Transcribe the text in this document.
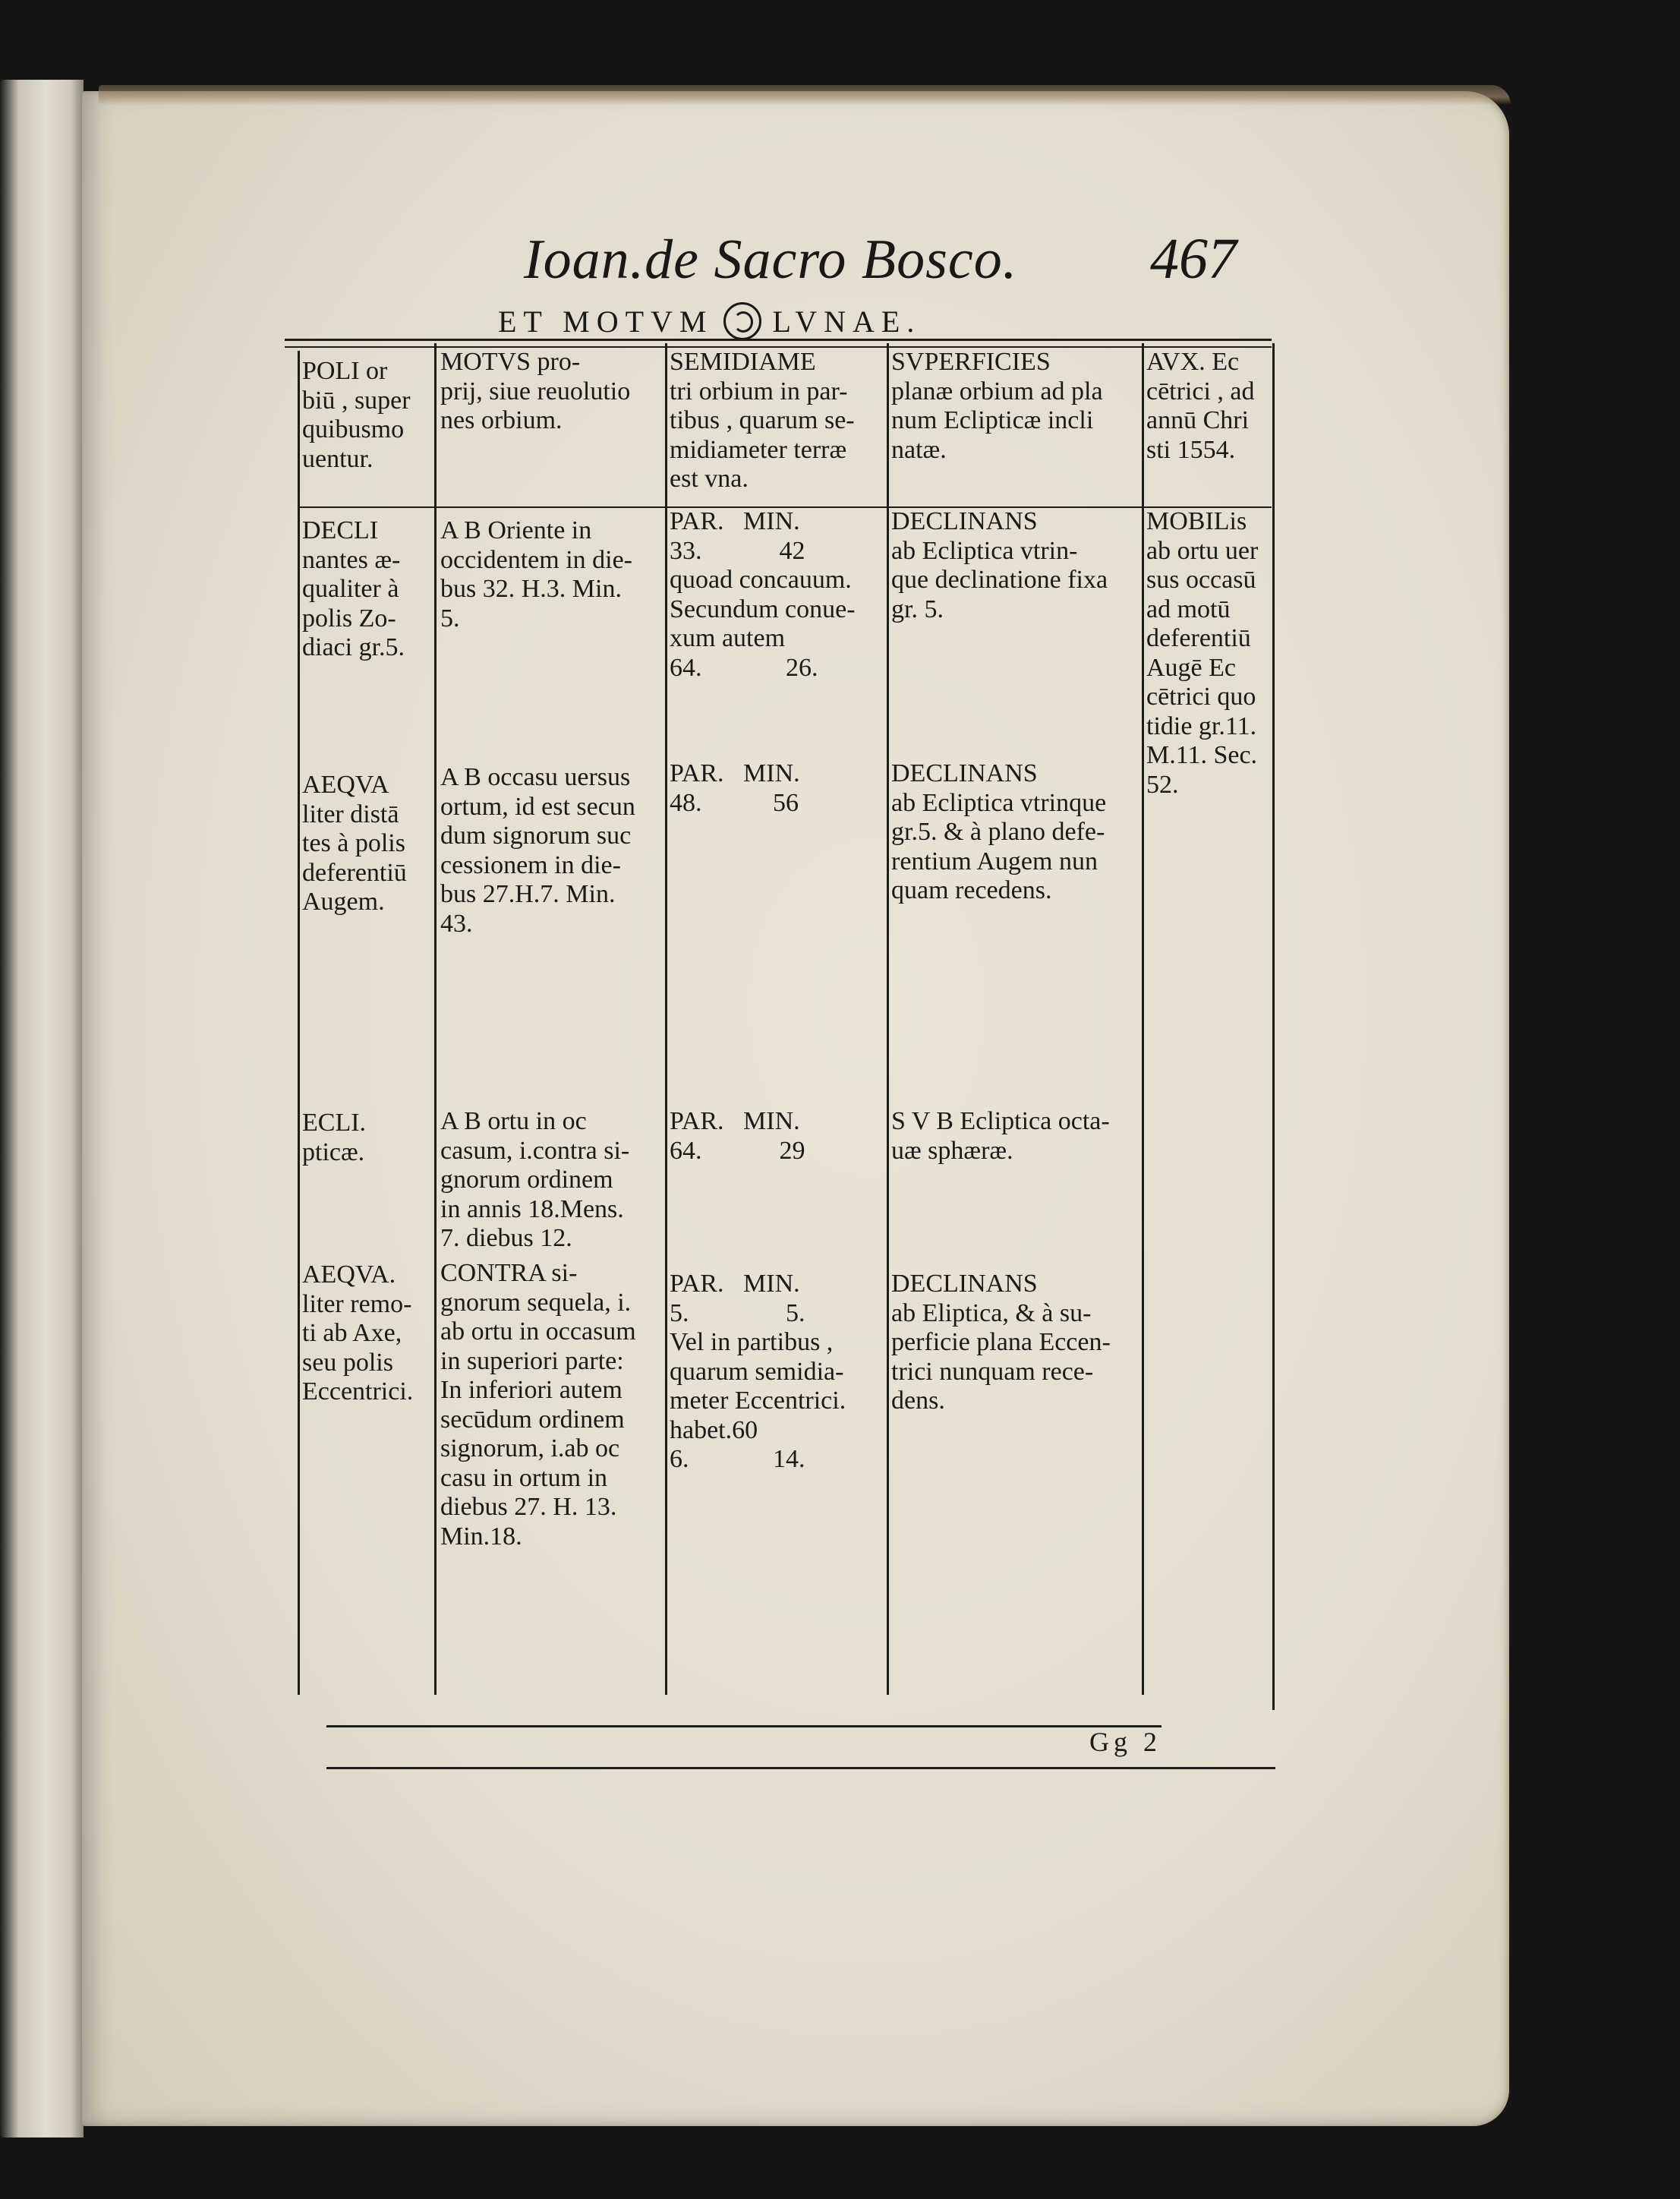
Ioan.de Sacro Bosco. 467
ET MOTVM LVNAE.
POLI or
biū , super
quibusmo
uentur.
MOTVS pro-
prij, siue reuolutio
nes orbium.
SEMIDIAME
tri orbium in par-
tibus , quarum se-
midiameter terræ
est vna.
SVPERFICIES
planæ orbium ad pla
num Eclipticæ incli
natæ.
AVX. Ec
cētrici , ad
annū Chri
sti 1554.
DECLI
nantes æ-
qualiter à
polis Zo-
diaci gr.5.
A B Oriente in
occidentem in die-
bus 32. H.3. Min.
5.
PAR.   MIN.
33.            42
quoad concauum.
Secundum conue-
xum autem
64.             26.
DECLINANS
ab Ecliptica vtrin-
que declinatione fixa
gr. 5.
MOBILis
ab ortu uer
sus occasū
ad motū
deferentiū
Augē Ec
cētrici quo
tidie gr.11.
M.11. Sec.
52.
AEQVA
liter distā
tes à polis
deferentiū
Augem.
A B occasu uersus
ortum, id est secun
dum signorum suc
cessionem in die-
bus 27.H.7. Min.
43.
PAR.   MIN.
48.           56
DECLINANS
ab Ecliptica vtrinque
gr.5. & à plano defe-
rentium Augem nun
quam recedens.
ECLI.
pticæ.
A B ortu in oc
casum, i.contra si-
gnorum ordinem
in annis 18.Mens.
7. diebus 12.
PAR.   MIN.
64.            29
S V B Ecliptica octa-
uæ sphæræ.
AEQVA.
liter remo-
ti ab Axe,
seu polis
Eccentrici.
CONTRA si-
gnorum sequela, i.
ab ortu in occasum
in superiori parte:
In inferiori autem
secūdum ordinem
signorum, i.ab oc
casu in ortum in
diebus 27. H. 13.
Min.18.
PAR.   MIN.
5.               5.
Vel in partibus ,
quarum semidia-
meter Eccentrici.
habet.60
6.             14.
DECLINANS
ab Eliptica, & à su-
perficie plana Eccen-
trici nunquam rece-
dens.
Gg 2
